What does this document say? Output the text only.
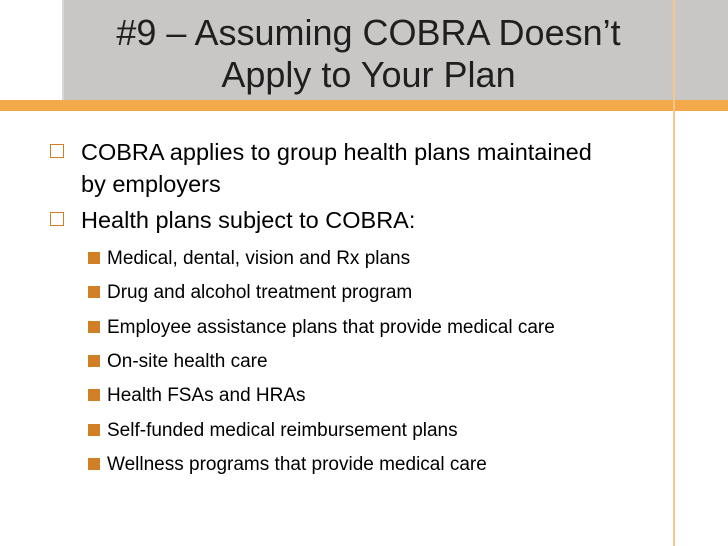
#9 – Assuming COBRA Doesn’t
Apply to Your Plan
COBRA applies to group health plans maintained
by employers
Health plans subject to COBRA:
Medical, dental, vision and Rx plans
Drug and alcohol treatment program
Employee assistance plans that provide medical care
On-site health care
Health FSAs and HRAs
Self-funded medical reimbursement plans
Wellness programs that provide medical care
